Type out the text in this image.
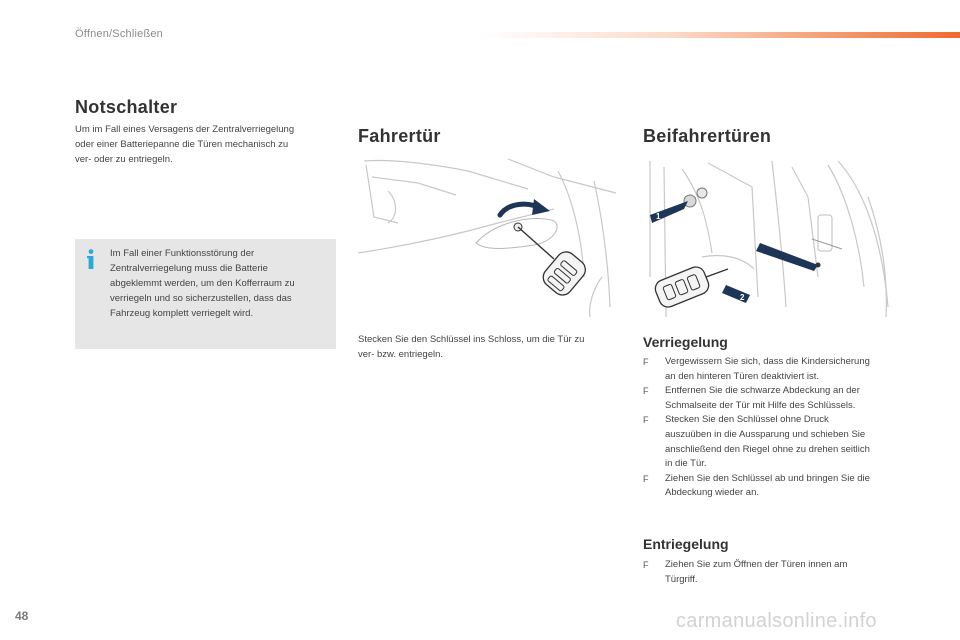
Öffnen/Schließen
Notschalter
Um im Fall eines Versagens der Zentralverriegelung
oder einer Batteriepanne die Türen mechanisch zu
ver- oder zu entriegeln.
Im Fall einer Funktionsstörung der
Zentralverriegelung muss die Batterie
abgeklemmt werden, um den Kofferraum zu
verriegeln und so sicherzustellen, dass das
Fahrzeug komplett verriegelt wird.
Fahrertür
Stecken Sie den Schlüssel ins Schloss, um die Tür zu
ver- bzw. entriegeln.
Beifahrertüren
1
2
Verriegelung
F Vergewissern Sie sich, dass die Kindersicherung
an den hinteren Türen deaktiviert ist.
F Entfernen Sie die schwarze Abdeckung an der
Schmalseite der Tür mit Hilfe des Schlüssels.
F Stecken Sie den Schlüssel ohne Druck
auszuüben in die Aussparung und schieben Sie
anschließend den Riegel ohne zu drehen seitlich
in die Tür.
F Ziehen Sie den Schlüssel ab und bringen Sie die
Abdeckung wieder an.
Entriegelung
F Ziehen Sie zum Öffnen der Türen innen am
Türgriff.
48	carmanualsonline.info
